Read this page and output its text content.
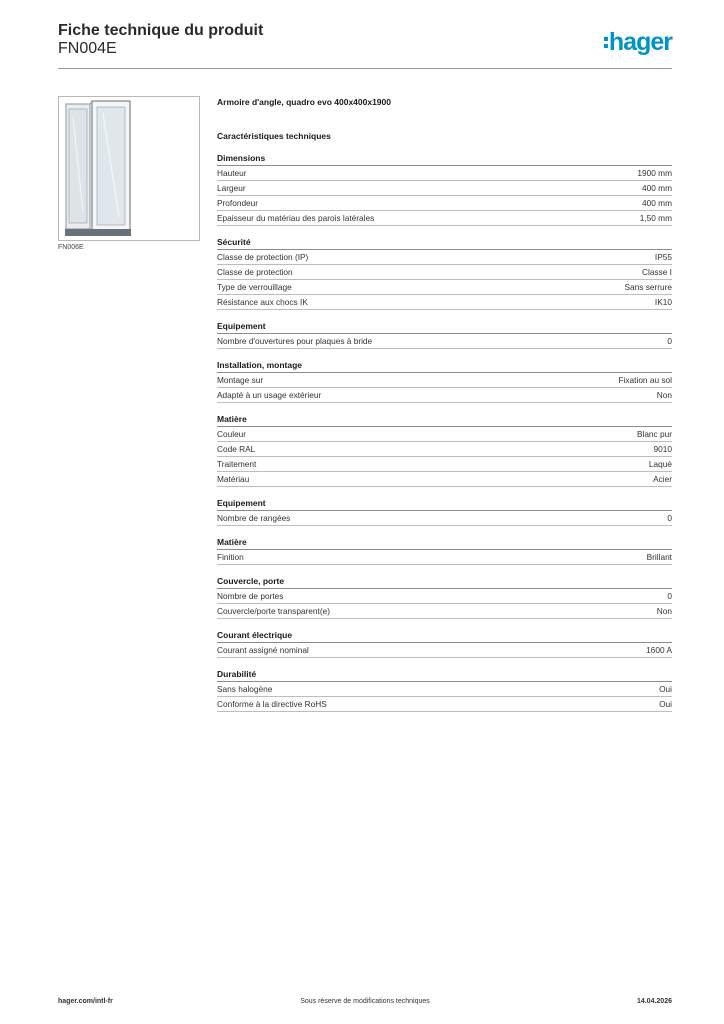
Fiche technique du produit
FN004E	hager
FN006E
Armoire d'angle, quadro evo 400x400x1900
Caractéristiques techniques
Dimensions
Hauteur	1900 mm
Largeur	400 mm
Profondeur	400 mm
Epaisseur du matériau des parois latérales	1,50 mm
Sécurité
Classe de protection (IP)	IP55
Classe de protection	Classe I
Type de verrouillage	Sans serrure
Résistance aux chocs IK	IK10
Equipement
Nombre d'ouvertures pour plaques à bride	0
Installation, montage
Montage sur	Fixation au sol
Adapté à un usage extérieur	Non
Matière
Couleur	Blanc pur
Code RAL	9010
Traitement	Laqué
Matériau	Acier
Equipement
Nombre de rangées	0
Matière
Finition	Brillant
Couvercle, porte
Nombre de portes	0
Couvercle/porte transparent(e)	Non
Courant électrique
Courant assigné nominal	1600 A
Durabilité
Sans halogène	Oui
Conforme à la directive RoHS	Oui
hager.com/intl-fr	Sous réserve de modifications techniques	14.04.2026
